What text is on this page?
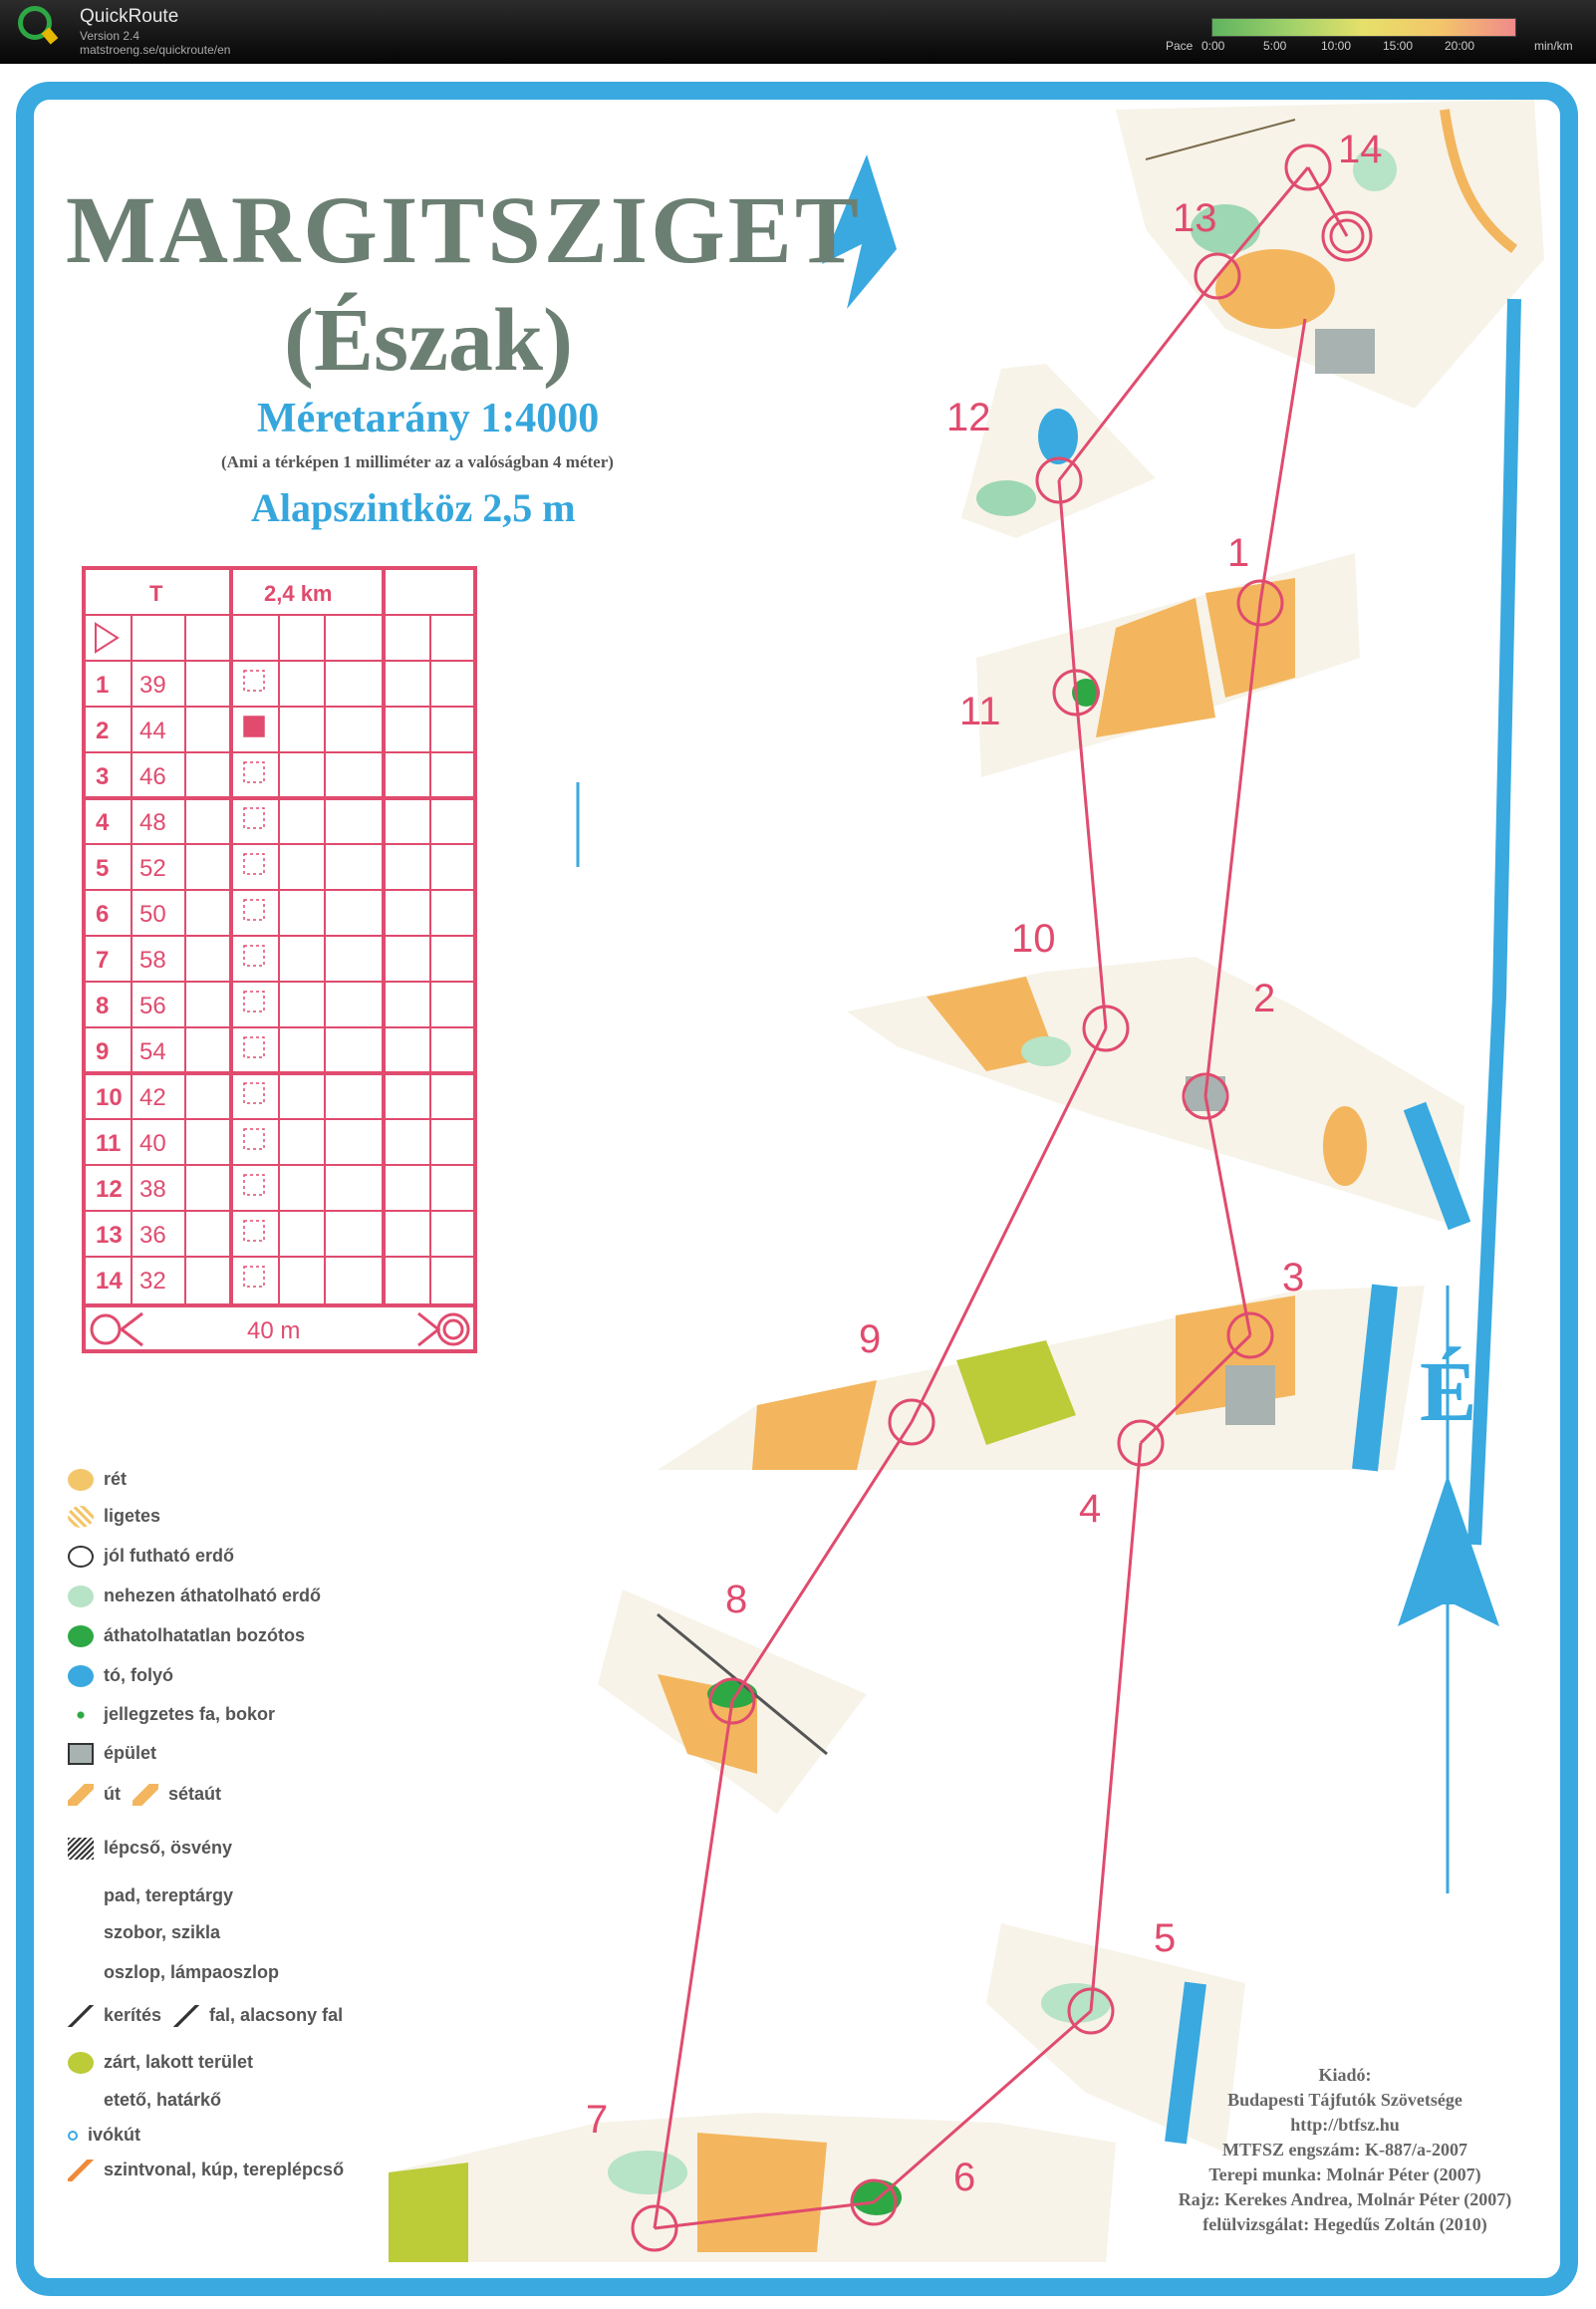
QuickRoute
Version 2.4
matstroeng.se/quickroute/en	Pace 0:00	5:00	10:00	15:00	20:00	min/km
É
1
2
3
4
5
6
7
8
9
10
11
12
13
14
T	2,4 km
1 39
2 44
3 46
4 48
5 52
6 50
7 58
8 56
9 54
10 42
11 40
12 38
13 36
14 32
40 m
MARGITSZIGET
(Észak)
Méretarány 1:4000
(Ami a térképen 1 milliméter az a valóságban 4 méter)
Alapszintköz 2,5 m
rét
ligetes
jól futható erdő
nehezen áthatolható erdő
áthatolhatatlan bozótos
tó, folyó
jellegzetes fa, bokor
épület
út	sétaút
lépcső, ösvény
pad, tereptárgy
szobor, szikla
oszlop, lámpaoszlop
kerítés	fal, alacsony fal
zárt, lakott terület
etető, határkő
ivókút
szintvonal, kúp, tereplépcső
Kiadó:
Budapesti Tájfutók Szövetsége
http://btfsz.hu
MTFSZ engszám: K-887/a-2007
Terepi munka: Molnár Péter (2007)
Rajz: Kerekes Andrea, Molnár Péter (2007)
felülvizsgálat: Hegedűs Zoltán (2010)
